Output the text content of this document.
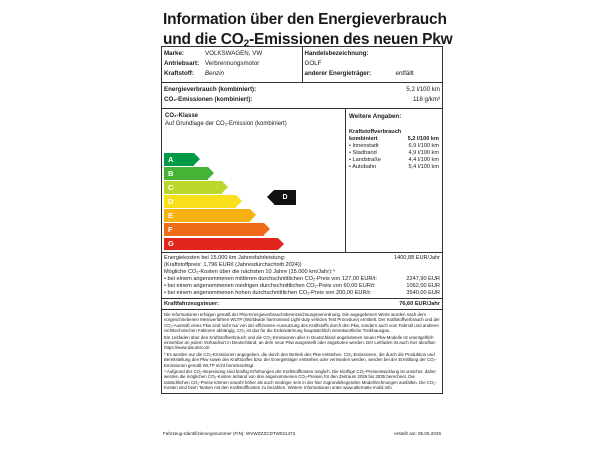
Information über den Energieverbrauch
und die $CO_2$-Emissionen des neuen Pkw
Marke:	VOLKSWAGEN, VW
Antriebsart: Verbrennungsmotor
Kraftstoff:	Benzin
Handelsbezeichnung:
GOLF
anderer Energieträger:	entfällt
Energieverbrauch (kombiniert):	5,2 l/100 km
CO₂-Emissionen (kombiniert):	118 g/km³
CO₂-Klasse
Auf Grundlage der CO₂-Emission (kombiniert)
A
B
C
D
E
F
G
D
Weitere Angaben:
Kraftstoffverbrauch
kombiniert	5,2 l/100 km
• Innenstadt	6,9 l/100 km
• Stadtrand	4,9 l/100 km
• Landstraße	4,4 l/100 km
• Autobahn	5,4 l/100 km
Energiekosten bei 15.000 km Jahresfahrleistung:	1400,88 EUR/Jahr
(Kraftstoffpreis: 1,796 EUR/l (Jahresdurchschnitt 2024))
Mögliche CO₂-Kosten über die nächsten 10 Jahre (15.000 km/Jahr):⁴
• bei einem angenommenen mittleren durchschnittlichen CO₂-Preis von 127,00 EUR/t:	2247,90 EUR
• bei einem angenommenen niedrigen durchschnittlichen CO₂-Preis von 60,00 EUR/t:	1062,00 EUR
• bei einem angenommenen hohen durchschnittlichen CO₂-Preis von 200,00 EUR/t:	3540,00 EUR
Kraftfahrzeugsteuer:	76,60 EUR/Jahr

Die Informationen erfolgen gemäß der Pkw-Energieverbrauchskennzeichnungsverordnung. Die angegebenen Werte wurden nach dem vorgeschriebenen Messverfahren WLTP (Worldwide harmonised Light-duty vehicles Test Procedure) ermittelt. Der Kraftstoffverbrauch und der CO₂-Ausstoß eines Pkw sind nicht nur von der effizienten Ausnutzung des Kraftstoffs durch den Pkw, sondern auch vom Fahrstil und anderen nichttechnischen Faktoren abhängig. CO₂ ist das für die Erderwärmung hauptsächlich verantwortliche Treibhausgas.

Ein Leitfaden über den Kraftstoffverbrauch und die CO₂-Emissionen aller in Deutschland angebotenen neuen Pkw-Modelle ist unentgeltlich einsehbar an jedem Verkaufsort in Deutschland, an dem neue Pkw ausgestellt oder angeboten werden. Der Leitfaden ist auch hier abrufbar: https://www.dat.de/co2/.

³ Es werden nur die CO₂-Emissionen angegeben, die durch den Betrieb des Pkw entstehen. CO₂-Emissionen, die durch die Produktion und Bereitstellung des Pkw sowie des Kraftstoffes bzw. der Energieträger entstehen oder vermieden werden, werden bei der Ermittlung der CO₂-Emissionen gemäß WLTP nicht berücksichtigt.

⁴ Aufgrund der CO₂-Bepreisung sind künftig Erhöhungen der Kraftstoffkosten möglich. Die künftige CO₂-Preisentwicklung ist unsicher, daher werden die möglichen CO₂-Kosten anhand von drei angenommenen CO₂-Preisen für den Zeitraum 2026 bis 2035 berechnet. Die tatsächlichen CO₂-Preise können sowohl höher als auch niedriger sein in der hier zugrundeliegenden Modellrechnungen ausfallen. Die CO₂-Kosten sind beim Tanken mit den Kraftstoffkosten zu bezahlen. Weitere Informationen unter www.alternativ-mobil.info

Fahrzeug-Identifizierungsnummer (FIN): WVWZZZCDTW021474	erstellt am: 05.05.2026
